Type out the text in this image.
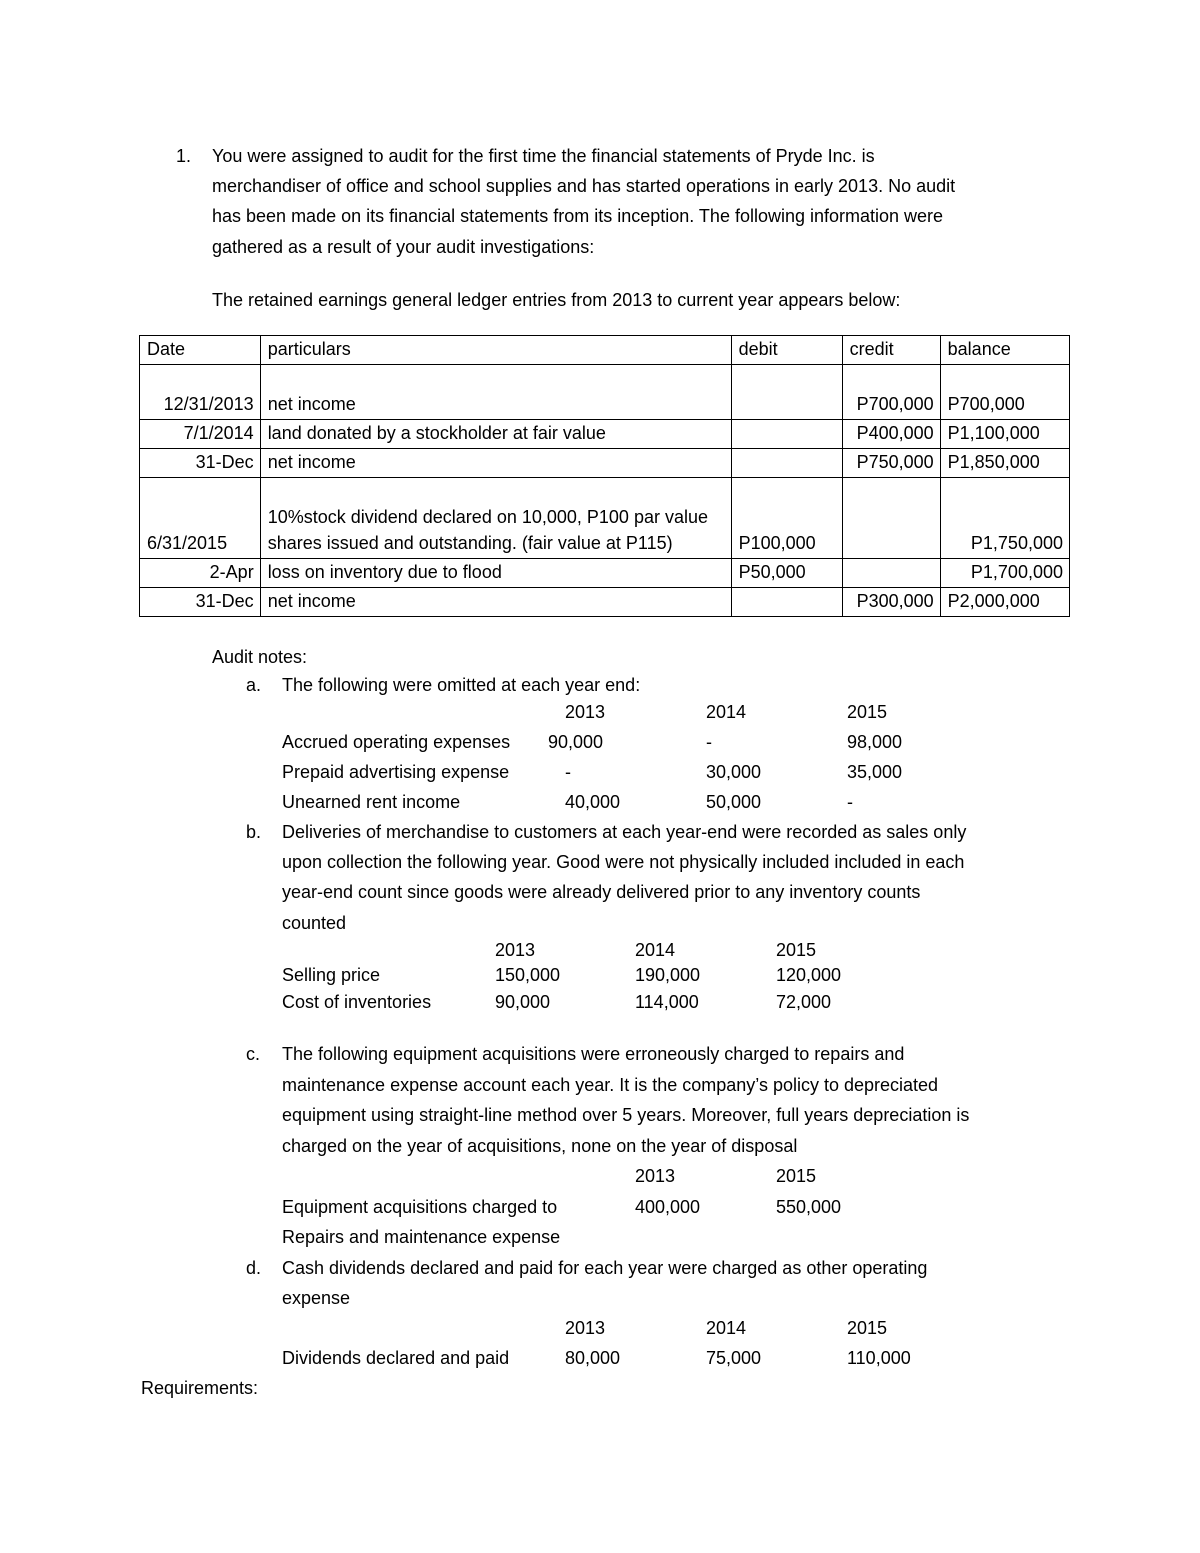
1. You were assigned to audit for the first time the financial statements of Pryde Inc. is
merchandiser of office and school supplies and has started operations in early 2013. No audit
has been made on its financial statements from its inception. The following information were
gathered as a result of your audit investigations:
The retained earnings general ledger entries from 2013 to current year appears below:
Date	particulars	debit	credit	balance
12/31/2013	net income		P700,000	P700,000
7/1/2014	land donated by a stockholder at fair value		P400,000	P1,100,000
31-Dec	net income		P750,000	P1,850,000
6/31/2015	10%stock dividend declared on 10,000, P100 par value shares issued and outstanding. (fair value at P115)	P100,000		P1,750,000
2-Apr	loss on inventory due to flood	P50,000		P1,700,000
31-Dec	net income		P300,000	P2,000,000
Audit notes:
a. The following were omitted at each year end:
2013	2014	2015
Accrued operating expenses 90,000	-	98,000
Prepaid advertising expense	-	30,000	35,000
Unearned rent income	40,000	50,000	-
b. Deliveries of merchandise to customers at each year-end were recorded as sales only
upon collection the following year. Good were not physically included included in each
year-end count since goods were already delivered prior to any inventory counts
counted
2013	2014	2015
Selling price	150,000	190,000	120,000
Cost of inventories	90,000	114,000	72,000
c. The following equipment acquisitions were erroneously charged to repairs and
maintenance expense account each year. It is the company’s policy to depreciated
equipment using straight-line method over 5 years. Moreover, full years depreciation is
charged on the year of acquisitions, none on the year of disposal
2013	2015
Equipment acquisitions charged to	400,000	550,000
Repairs and maintenance expense
d. Cash dividends declared and paid for each year were charged as other operating
expense
2013	2014	2015
Dividends declared and paid	80,000	75,000	110,000
Requirements:
